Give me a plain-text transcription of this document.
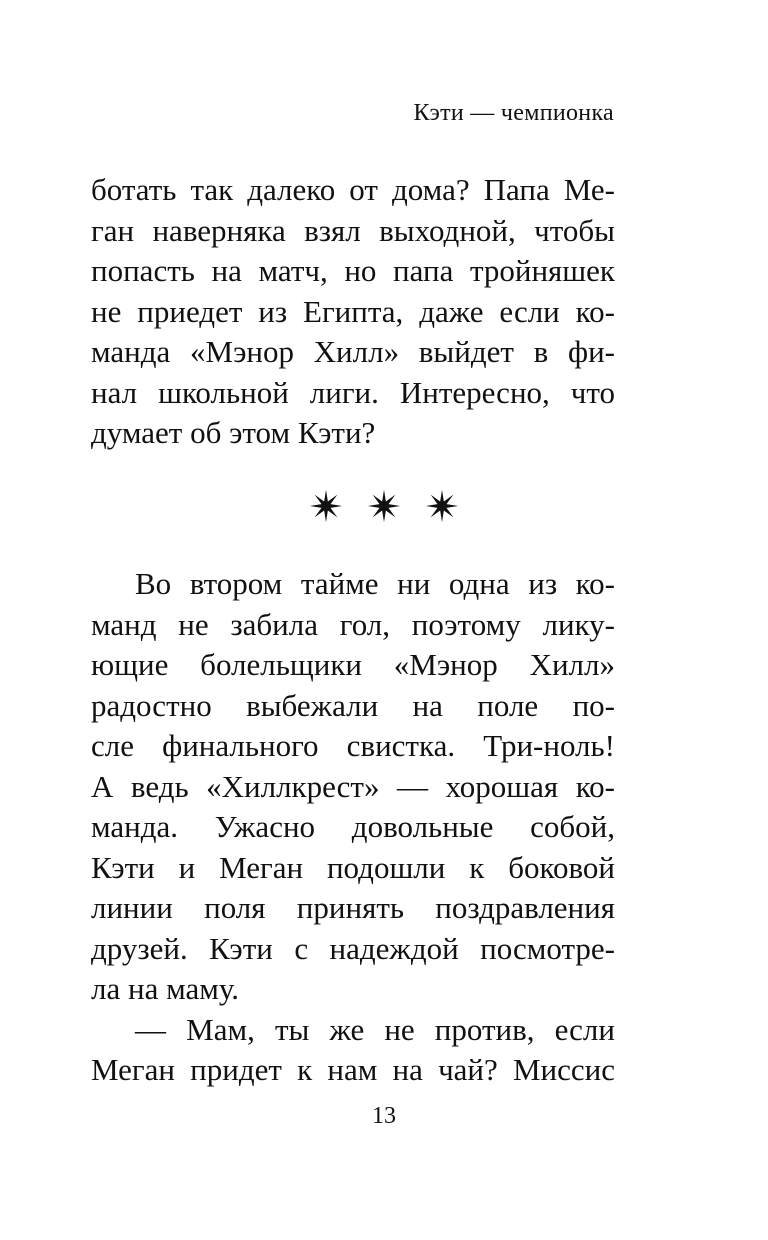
Кэти — чемпионка
ботать так далеко от дома? Папа Ме-
ган наверняка взял выходной, чтобы
попасть на матч, но папа тройняшек
не приедет из Египта, даже если ко-
манда «Мэнор Хилл» выйдет в фи-
нал школьной лиги. Интересно, что
думает об этом Кэти?
Во втором тайме ни одна из ко-
манд не забила гол, поэтому лику-
ющие болельщики «Мэнор Хилл»
радостно выбежали на поле по-
сле финального свистка. Три-ноль!
А ведь «Хиллкрест» — хорошая ко-
манда. Ужасно довольные собой,
Кэти и Меган подошли к боковой
линии поля принять поздравления
друзей. Кэти с надеждой посмотре-
ла на маму.
— Мам, ты же не против, если
Меган придет к нам на чай? Миссис
13
